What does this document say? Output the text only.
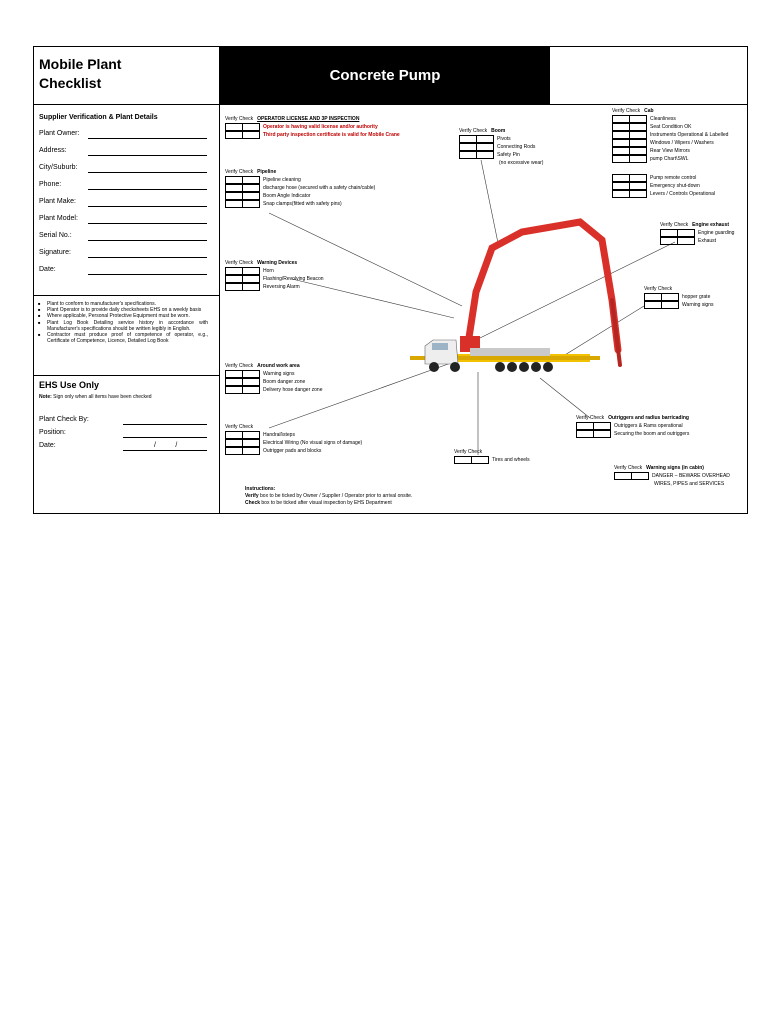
Mobile Plant
Checklist	Concrete Pump
Supplier Verification & Plant Details
Plant Owner:
Address:
City/Suburb:
Phone:
Plant Make:
Plant Model:
Serial No.:
Signature:
Date:
■ Plant to conform to manufacturer's specifications.
■ Plant Operator is to provide daily checksheets EHS on a weekly basis
■ Where applicable, Personal Protective Equipment must be worn.
■ Plant Log Book Detailing service history in accordance with Manufacturer's specifications should be written legibly in English.
■ Contractor must produce proof of competence of operator, e.g., Certificate of Competence, Licence, Detailed Log Book
EHS Use Only
Note: Sign only when all items have been checked
Plant Check By:
Position:
Date:	/          /
Verify Check OPERATOR LICENSE AND 3P INSPECTION
Operator is having valid license and/or authority
Third party inspection certificate is valid for Mobile Crane
Verify Check Pipeline
Pipeline cleaning
discharge hose (secured with a safety chain/cable)
Boom Angle Indicator
Snap clamps(fitted with safety pins)
Verify Check Warning Devices
Horn
Flashing/Revolving Beacon
Reversing Alarm
Verify Check Around work area
Warning signs
Boom danger zone
Delivery hose danger zone
Verify Check
Handrail\steps
Electrical Wiring (No visual signs of damage)
Outrigger pads and blocks
Verify Check Boom
Pivots
Connecting Rods
Safety Pin
(no excessive wear)
Verify Check Cab
Cleanliness
Seat Condition OK
Instruments Operational & Labelled
Windows / Wipers / Washers
Rear View Mirrors
pump Chart\SWL
Pump remote control
Emergency shut-down
Levers / Controls Operational
Verify Check Engine exhaust
Engine guarding
Exhaust
Verify Check
hopper grate
Warning signs
Verify Check Outriggers and radius barricading
Outriggers & Rams operational
Securing the boom and outriggers
Verify Check
Tires and wheels
Verify Check Warning signs (in cabin)
DANGER – BEWARE OVERHEAD
WIRES, PIPES and SERVICES
Instructions:
Verify box to be ticked by Owner / Supplier / Operator prior to arrival onsite.
Check box to be ticked after visual inspection by EHS Department
